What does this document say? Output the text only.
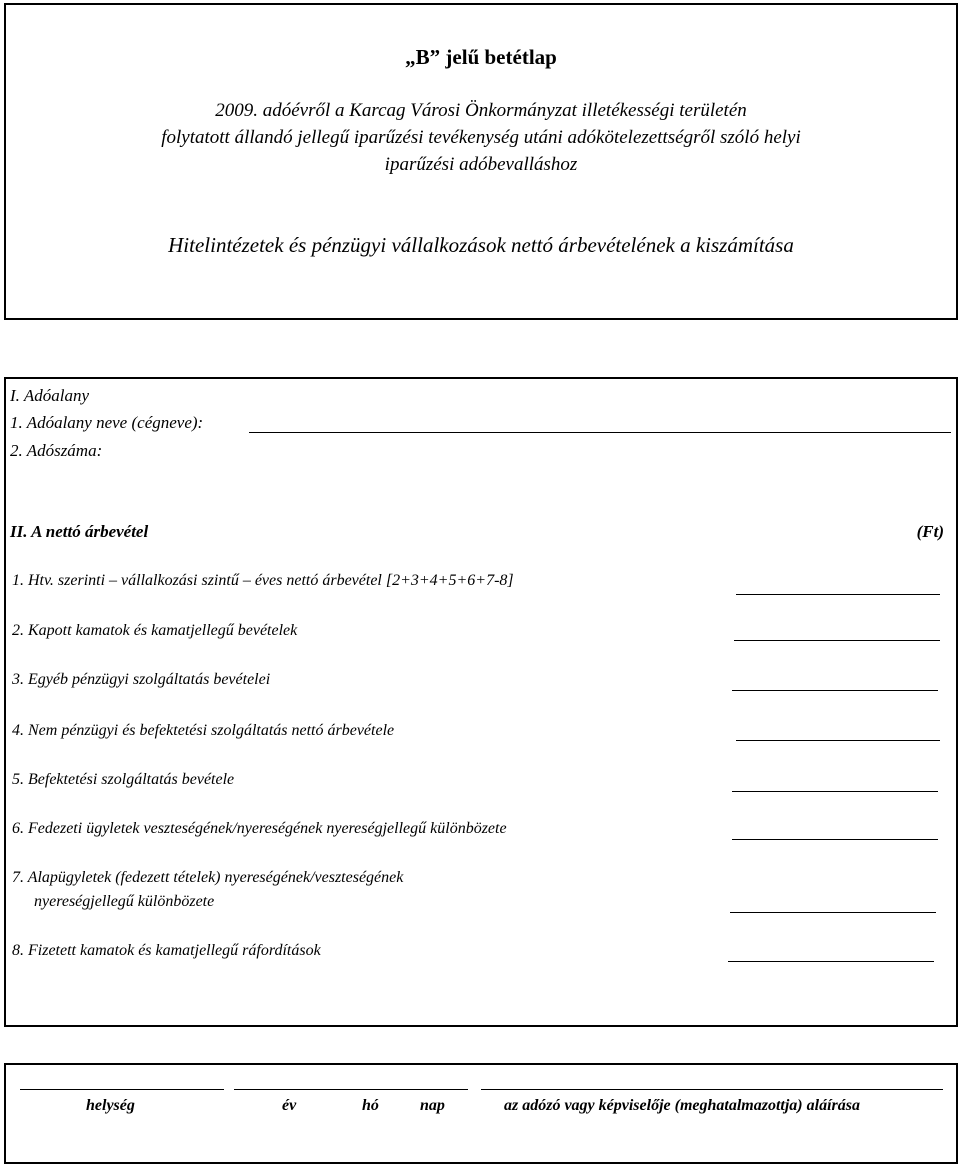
„B” jelű betétlap
2009. adóévről a Karcag Városi Önkormányzat illetékességi területén
folytatott állandó jellegű iparűzési tevékenység utáni adókötelezettségről szóló helyi
iparűzési adóbevalláshoz
Hitelintézetek és pénzügyi vállalkozások nettó árbevételének a kiszámítása
I. Adóalany
1. Adóalany neve (cégneve):
2. Adószáma:
II. A nettó árbevétel	(Ft)
1. Htv. szerinti – vállalkozási szintű – éves nettó árbevétel [2+3+4+5+6+7-8]
2. Kapott kamatok és kamatjellegű bevételek
3. Egyéb pénzügyi szolgáltatás bevételei
4. Nem pénzügyi és befektetési szolgáltatás nettó árbevétele
5. Befektetési szolgáltatás bevétele
6. Fedezeti ügyletek veszteségének/nyereségének nyereségjellegű különbözete
7. Alapügyletek (fedezett tételek) nyereségének/veszteségének
nyereségjellegű különbözete
8. Fizetett kamatok és kamatjellegű ráfordítások
helység	év	hó	nap	az adózó vagy képviselője (meghatalmazottja) aláírása
